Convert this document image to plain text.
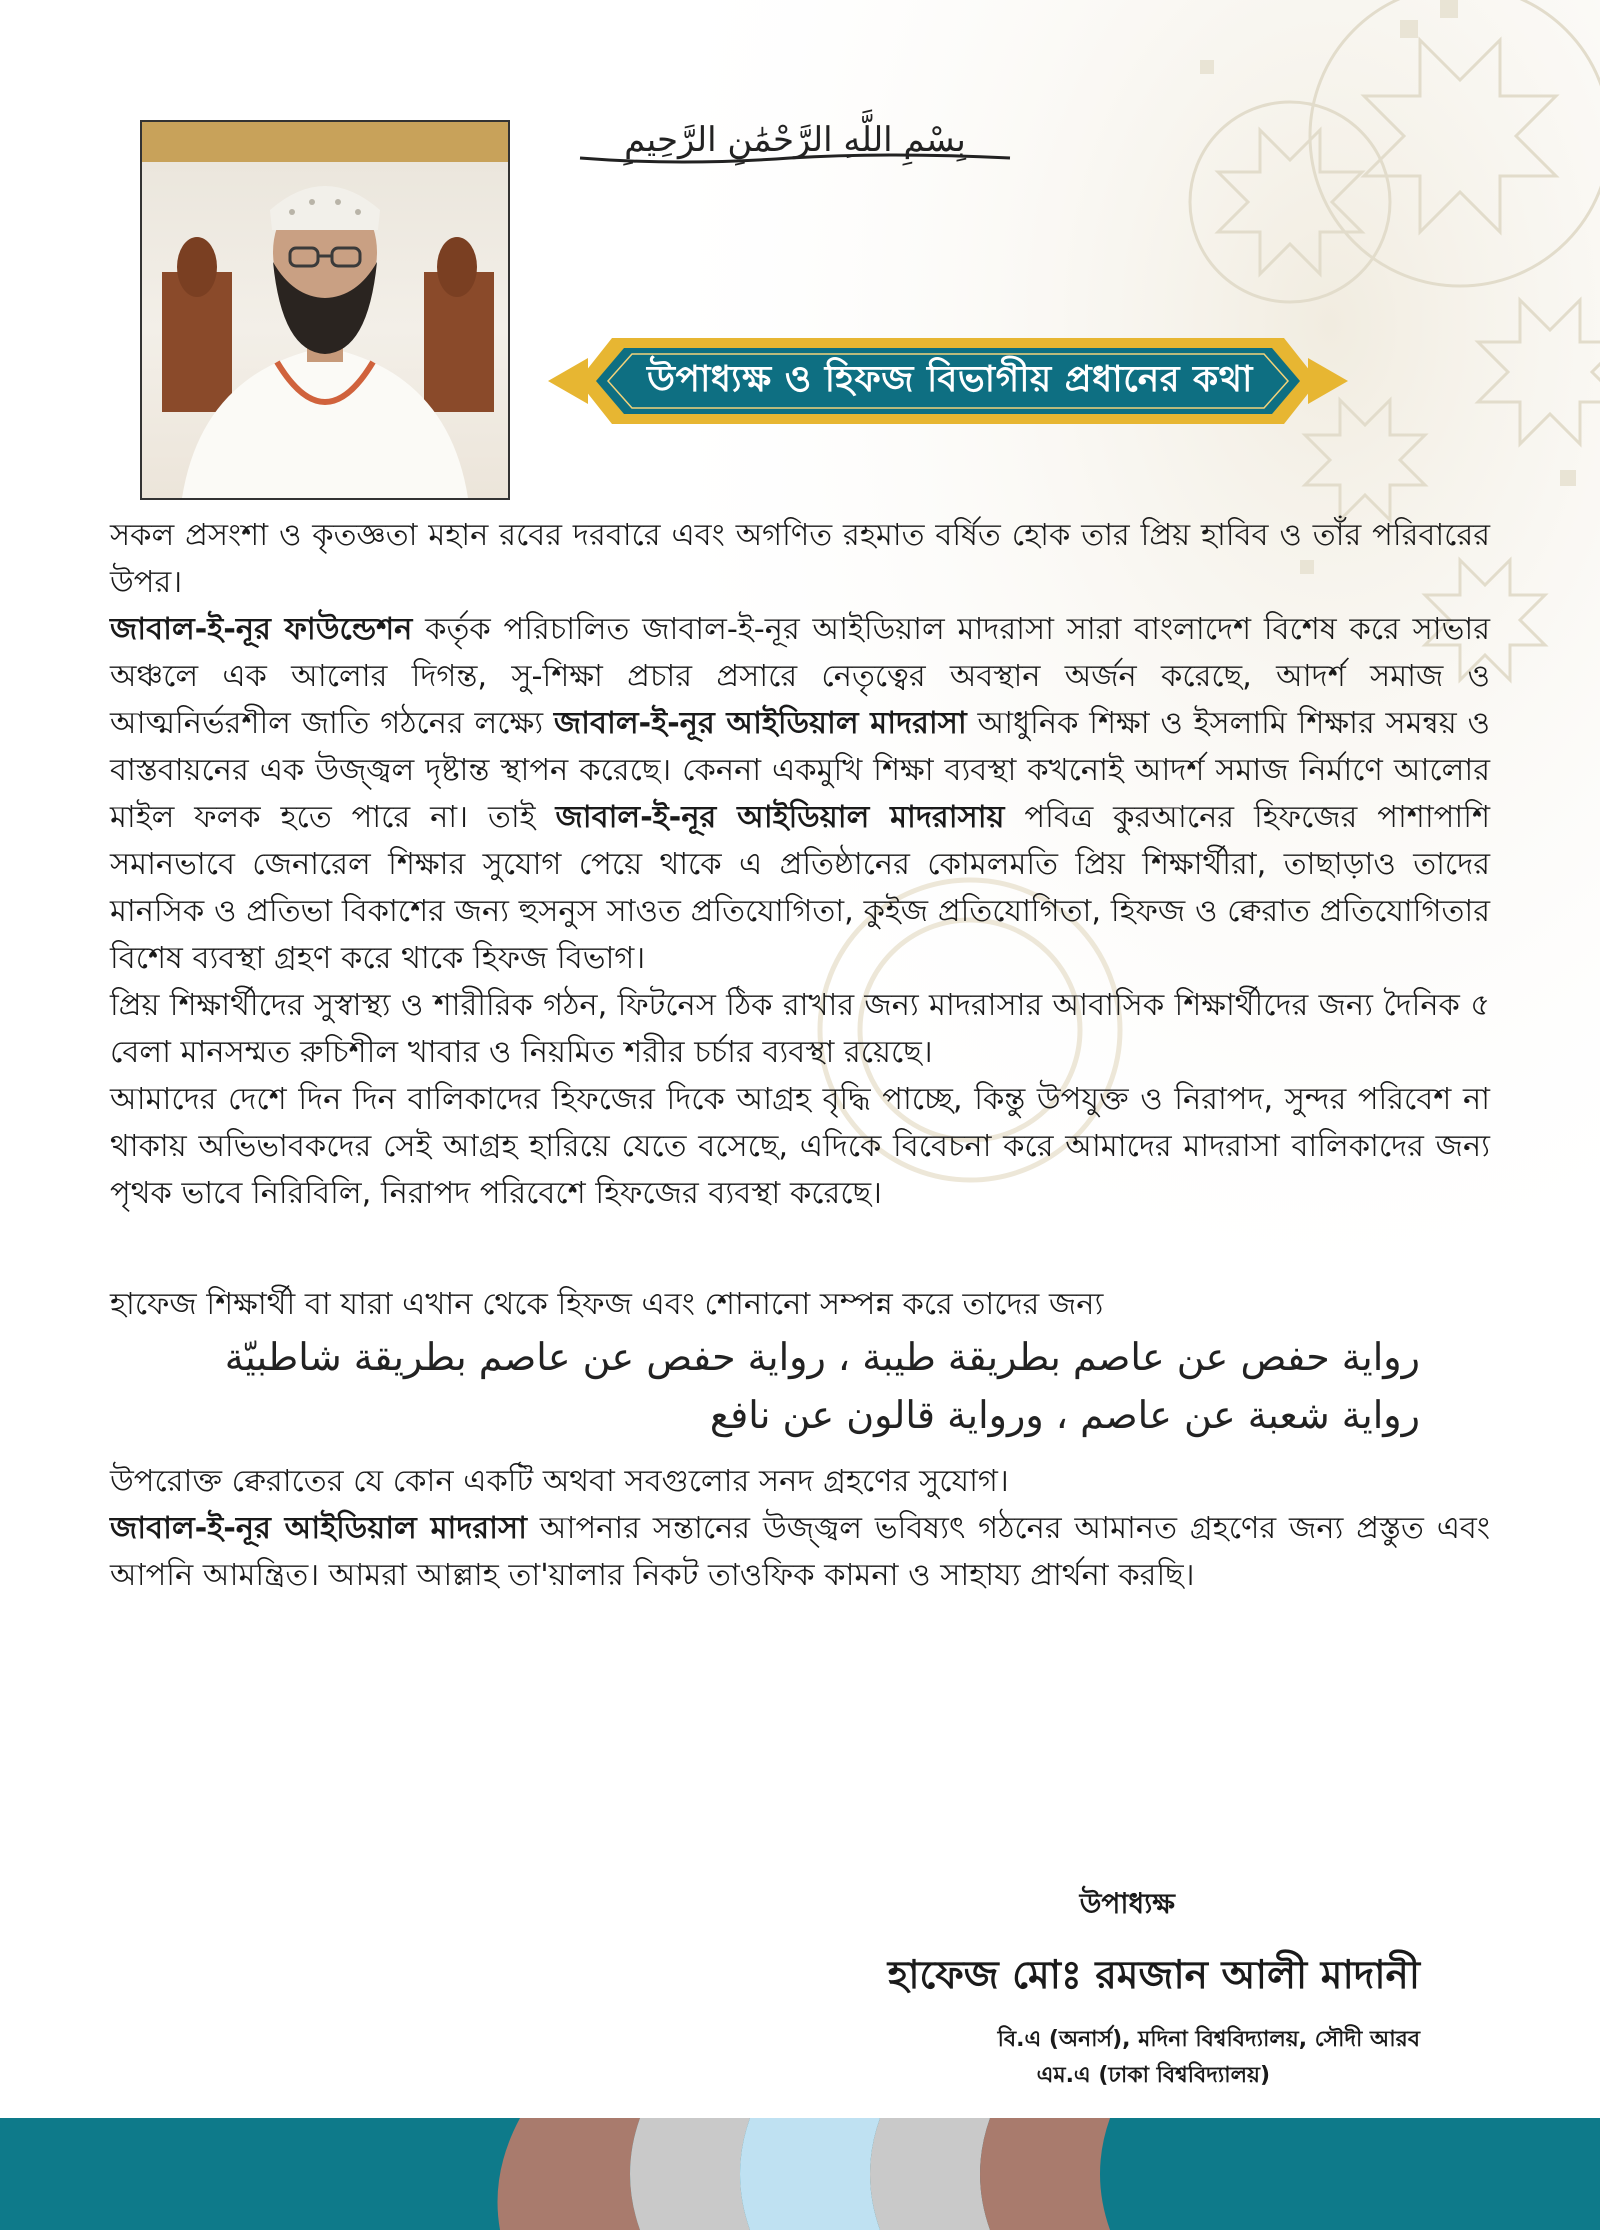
بِسْمِ اللَّهِ الرَّحْمَٰنِ الرَّحِيمِ
উপাধ্যক্ষ ও হিফজ বিভাগীয় প্রধানের কথা

সকল প্রসংশা ও কৃতজ্ঞতা মহান রবের দরবারে এবং অগণিত রহমাত বর্ষিত হোক তার প্রিয় হাবিব ও তাঁর পরিবারের উপর।

জাবাল-ই-নূর ফাউন্ডেশন কর্তৃক পরিচালিত জাবাল-ই-নূর আইডিয়াল মাদরাসা সারা বাংলাদেশ বিশেষ করে সাভার অঞ্চলে এক আলোর দিগন্ত, সু-শিক্ষা প্রচার প্রসারে নেতৃত্বের অবস্থান অর্জন করেছে, আদর্শ সমাজ ও আত্মনির্ভরশীল জাতি গঠনের লক্ষ্যে জাবাল-ই-নূর আইডিয়াল মাদরাসা আধুনিক শিক্ষা ও ইসলামি শিক্ষার সমন্বয় ও বাস্তবায়নের এক উজ্জ্বল দৃষ্টান্ত স্থাপন করেছে। কেননা একমুখি শিক্ষা ব্যবস্থা কখনোই আদর্শ সমাজ নির্মাণে আলোর মাইল ফলক হতে পারে না। তাই জাবাল-ই-নূর আইডিয়াল মাদরাসায় পবিত্র কুরআনের হিফজের পাশাপাশি সমানভাবে জেনারেল শিক্ষার সুযোগ পেয়ে থাকে এ প্রতিষ্ঠানের কোমলমতি প্রিয় শিক্ষার্থীরা, তাছাড়াও তাদের মানসিক ও প্রতিভা বিকাশের জন্য হুসনুস সাওত প্রতিযোগিতা, কুইজ প্রতিযোগিতা, হিফজ ও ক্বেরাত প্রতিযোগিতার বিশেষ ব্যবস্থা গ্রহণ করে থাকে হিফজ বিভাগ।

প্রিয় শিক্ষার্থীদের সুস্বাস্থ্য ও শারীরিক গঠন, ফিটনেস ঠিক রাখার জন্য মাদরাসার আবাসিক শিক্ষার্থীদের জন্য দৈনিক ৫ বেলা মানসম্মত রুচিশীল খাবার ও নিয়মিত শরীর চর্চার ব্যবস্থা রয়েছে।

আমাদের দেশে দিন দিন বালিকাদের হিফজের দিকে আগ্রহ বৃদ্ধি পাচ্ছে, কিন্তু উপযুক্ত ও নিরাপদ, সুন্দর পরিবেশ না থাকায় অভিভাবকদের সেই আগ্রহ হারিয়ে যেতে বসেছে, এদিকে বিবেচনা করে আমাদের মাদরাসা বালিকাদের জন্য পৃথক ভাবে নিরিবিলি, নিরাপদ পরিবেশে হিফজের ব্যবস্থা করেছে।

হাফেজ শিক্ষার্থী বা যারা এখান থেকে হিফজ এবং শোনানো সম্পন্ন করে তাদের জন্য

رواية حفص عن عاصم بطريقة طيبة ، رواية حفص عن عاصم بطريقة شاطبيّة

رواية شعبة عن عاصم ، ورواية قالون عن نافع

উপরোক্ত ক্বেরাতের যে কোন একটি অথবা সবগুলোর সনদ গ্রহণের সুযোগ।

জাবাল-ই-নূর আইডিয়াল মাদরাসা আপনার সন্তানের উজ্জ্বল ভবিষ্যৎ গঠনের আমানত গ্রহণের জন্য প্রস্তুত এবং আপনি আমন্ত্রিত। আমরা আল্লাহ তা'য়ালার নিকট তাওফিক কামনা ও সাহায্য প্রার্থনা করছি।

উপাধ্যক্ষ
হাফেজ মোঃ রমজান আলী মাদানী
বি.এ (অনার্স), মদিনা বিশ্ববিদ্যালয়, সৌদী আরব
এম.এ (ঢাকা বিশ্ববিদ্যালয়)
